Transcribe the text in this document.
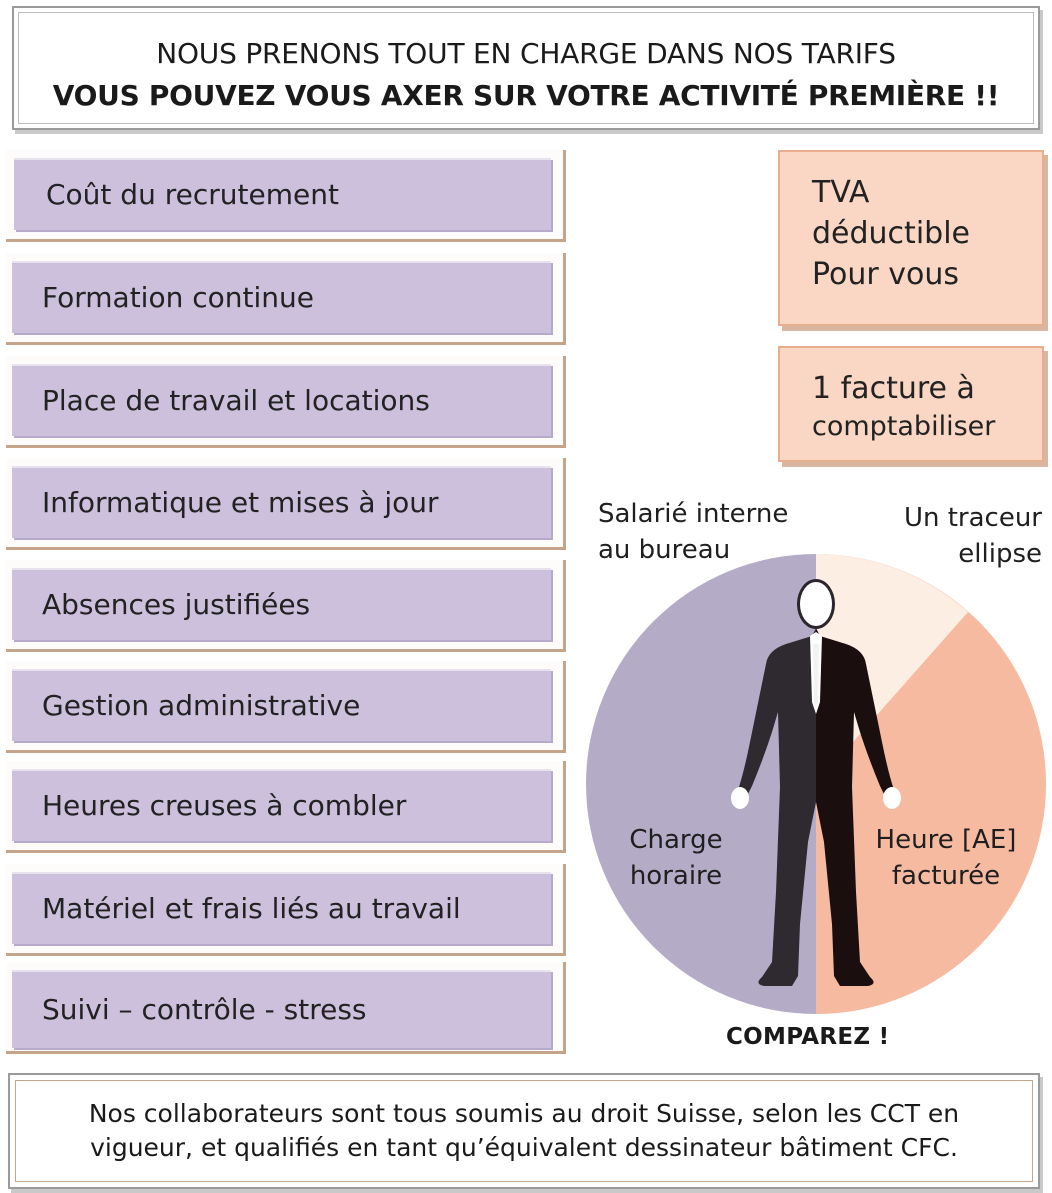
NOUS PRENONS TOUT EN CHARGE DANS NOS TARIFS
VOUS POUVEZ VOUS AXER SUR VOTRE ACTIVITÉ PREMIÈRE !!
Coût du recrutement
Formation continue
Place de travail et locations
Informatique et mises à jour
Absences justifiées
Gestion administrative
Heures creuses à combler
Matériel et frais liés au travail
Suivi – contrôle - stress
TVA
déductible
Pour vous
1 facture à
comptabiliser
Salarié interne
au bureau
Un traceur
ellipse
Charge
horaire
Heure [AE]
facturée
COMPAREZ !
Nos collaborateurs sont tous soumis au droit Suisse, selon les CCT en
vigueur, et qualifiés en tant qu’équivalent dessinateur bâtiment CFC.
